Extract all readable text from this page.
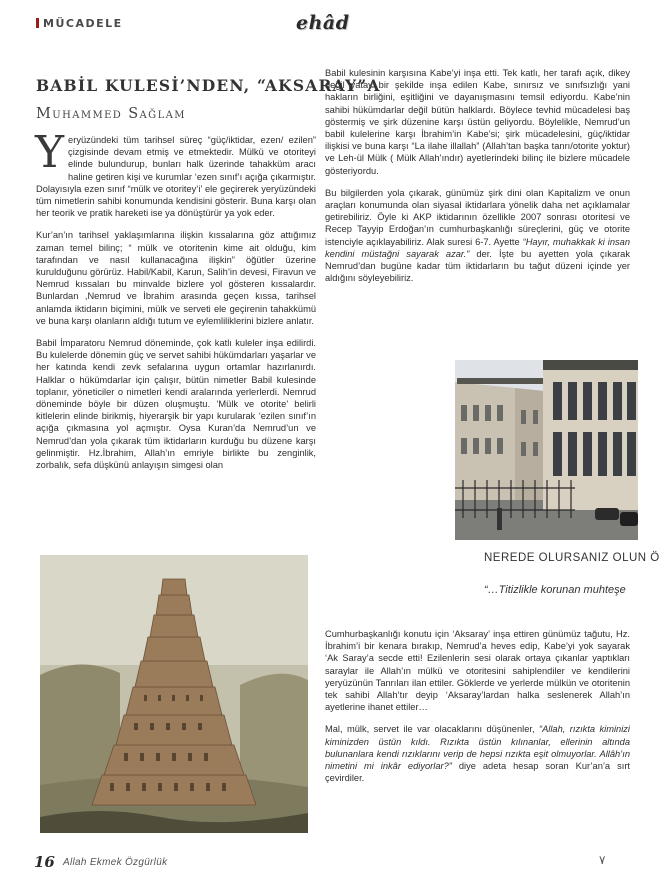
MÜCADELE	ehâd
BABİL KULESİ’NDEN, “AKSARAY”A
Muhammed Sağlam

Yeryüzündeki tüm tarihsel süreç “güç/iktidar, ezen/ ezilen” çizgisinde devam etmiş ve etmektedir. Mülkü ve otoriteyi elinde bulundurup, bunları halk üzerinde tahakküm aracı haline getiren kişi ve kurumlar ‘ezen sınıf’ı açığa çıkarmıştır. Dolayısıyla ezen sınıf “mülk ve otoritey’i’ ele geçirerek yeryüzündeki tüm nimetlerin sahibi konumunda kendisini gösterir. Buna karşı olan her teorik ve pratik hareketi ise ya dönüştürür ya yok eder.

Kur’an’ın tarihsel yaklaşımlarına ilişkin kıssalarına göz attığımız zaman temel bilinç; “ mülk ve otoritenin kime ait olduğu, kim tarafından ve nasıl kullanacağına ilişkin” öğütler üzerine kurulduğunu görürüz. Habil/Kabil, Karun, Salih’in devesi, Firavun ve Nemrud kıssaları bu minvalde bizlere yol gösteren kıssalardır. Bunlardan ,Nemrud ve İbrahim arasında geçen kıssa, tarihsel anlamda iktidarın biçimini, mülk ve serveti ele geçirenin tahakkümü ve buna karşı olanların aldığı tutum ve eylemliliklerini bizlere anlatır.

Babil İmparatoru Nemrud döneminde, çok katlı kuleler inşa edilirdi. Bu kulelerde dönemin güç ve servet sahibi hükümdarları yaşarlar ve her katında kendi zevk sefalarına uygun ortamlar hazırlanırdı. Halklar o hükümdarlar için çalışır, bütün nimetler Babil kulesinde toplanır, yöneticiler o nimetleri kendi aralarında yerlerlerdi. Nemrud döneminde böyle bir düzen oluşmuştu. ‘Mülk ve otorite’ belirli kitlelerin elinde birikmiş, hiyerarşik bir yapı kurularak ‘ezilen sınıf’ın açığa çıkmasına yol açmıştır. Oysa Kuran’da Nemrud’un ve Nemrud’dan yola çıkarak tüm iktidarların kurduğu bu düzene karşı gelinmiştir. Hz.İbrahim, Allah’ın emriyle birlikte bu zenginlik, zorbalık, sefa düşkünü anlayışın simgesi olan

Babil kulesinin karşısına Kabe’yi inşa etti. Tek katlı, her tarafı açık, dikey değil yatay bir şekilde inşa edilen Kabe, sınırsız ve sınıfsızlığı yani hakların birliğini, eşitliğini ve dayanışmasını temsil ediyordu. Kabe’nin sahibi hükümdarlar değil bütün halklardı. Böylece tevhid mücadelesi baş göstermiş ve şirk düzenine karşı üstün geliyordu. Böylelikle, Nemrud’un babil kulelerine karşı İbrahim’in Kabe’si; şirk mücadelesini, güç/iktidar ilişkisi ve buna karşı “La ilahe illallah” (Allah’tan başka tanrı/otorite yoktur) ve Leh-ül Mülk ( Mülk Allah’ındır) ayetlerindeki bilinç ile bizlere mücadele gösteriyordu.

Bu bilgilerden yola çıkarak, günümüz şirk dini olan Kapitalizm ve onun araçları konumunda olan siyasal iktidarlara yönelik daha net açıklamalar getirebiliriz. Öyle ki AKP iktidarının özellikle 2007 sonrası otoritesi ve Recep Tayyip Erdoğan’ın cumhurbaşkanlığı süreçlerini, güç ve otorite istenciyle açıklayabiliriz. Alak suresi 6-7. Ayette “Hayır, muhakkak ki insan kendini müstağni sayarak azar.” der. İşte bu ayetten yola çıkarak Nemrud’dan bugüne kadar tüm iktidarların bu tağut düzeni içinde yer aldığını söyleyebiliriz.

NEREDE OLURSANIZ OLUN Ö
“…Titizlikle korunan muhteşe

Cumhurbaşkanlığı konutu için ‘Aksaray’ inşa ettiren günümüz tağutu, Hz. İbrahim’i bir kenara bırakıp, Nemrud’a heves edip, Kabe’yi yok sayarak ‘Ak Saray’a secde etti! Ezilenlerin sesi olarak ortaya çıkanlar yaptıkları saraylar ile Allah’ın mülkü ve otoritesini sahiplendiler ve kendilerini yeryüzünün Tanrıları ilan ettiler. Göklerde ve yerlerde mülkün ve otoritenin tek sahibi Allah’tır deyip ‘Aksaray’lardan halka seslenerek Allah’ın ayetlerine ihanet ettiler…

Mal, mülk, servet ile var olacaklarını düşünenler, “Allah, rızıkta kiminizi kiminizden üstün kıldı. Rızıkta üstün kılınanlar, ellerinin altında bulunanlara kendi rızıklarını verip de hepsi rızıkta eşit olmuyorlar. Allâh’ın nimetini mi inkâr ediyorlar?” diye adeta hesap soran Kur’an’a sırt çevirdiler.

16 Allah Ekmek Özgürlük	٧
